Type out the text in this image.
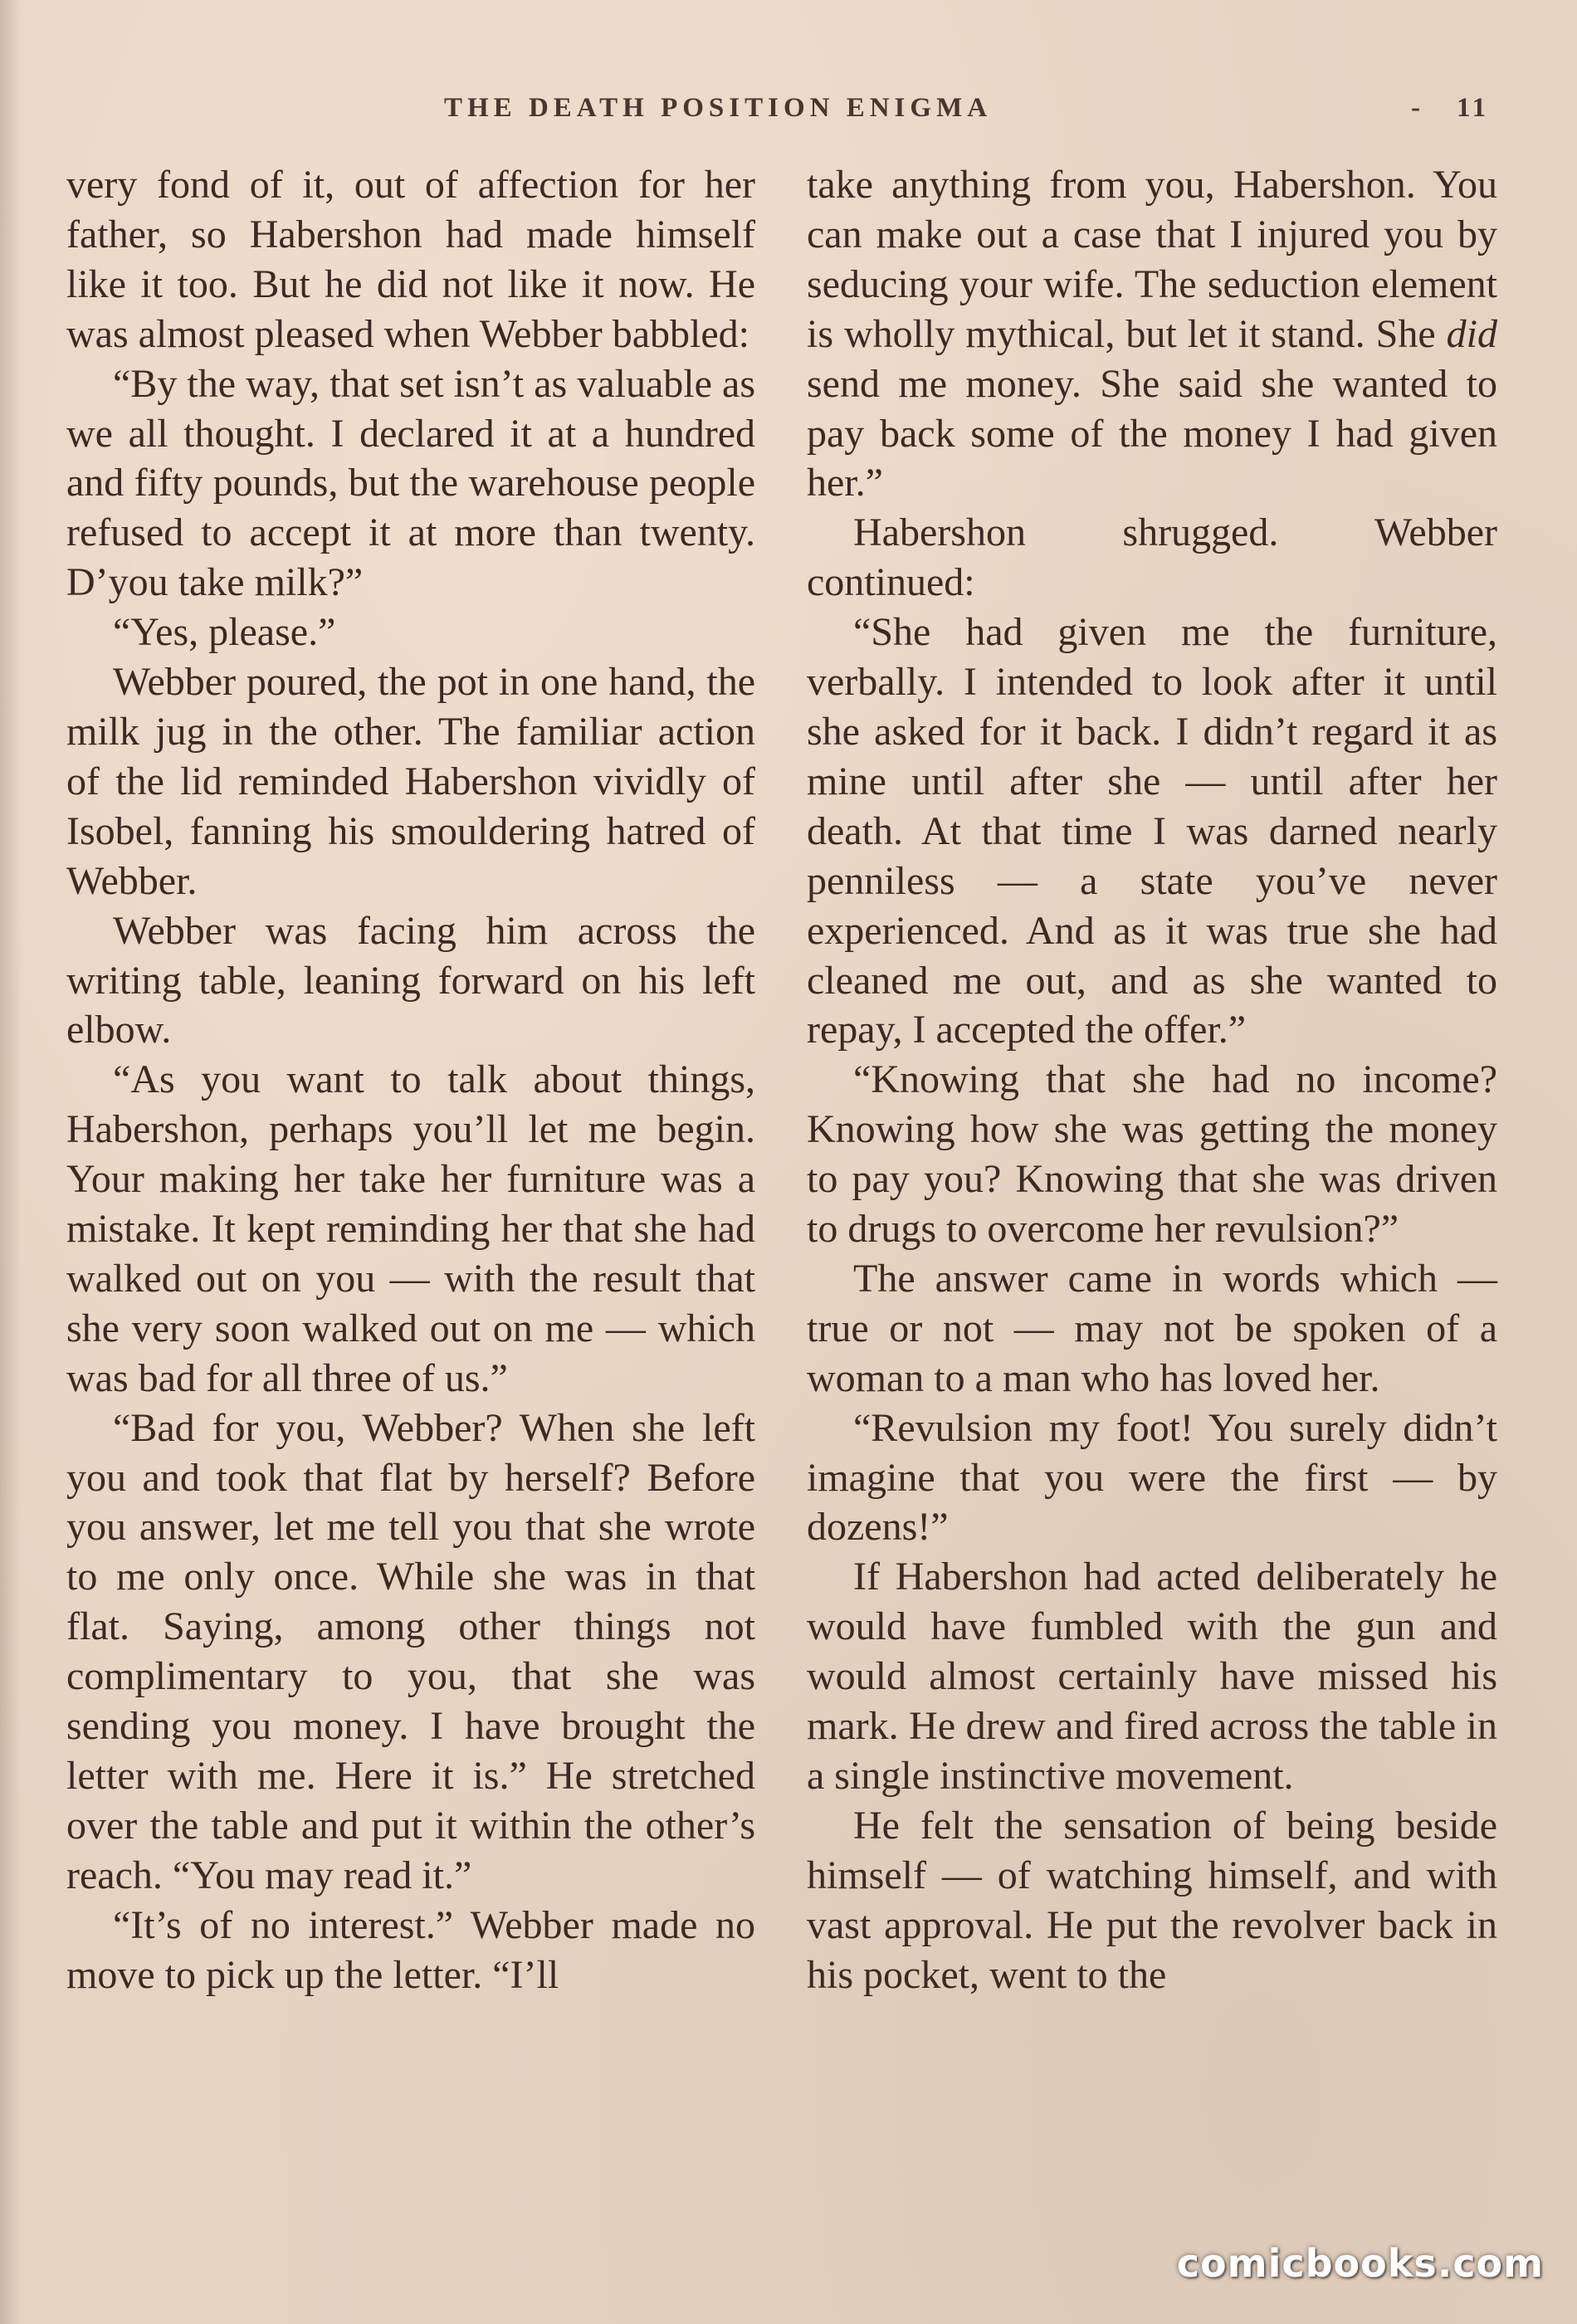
THE DEATH POSITION ENIGMA	- 11

very fond of it, out of affection for her father, so Habershon had made himself like it too. But he did not like it now. He was almost pleased when Webber babbled:

“By the way, that set isn’t as valuable as we all thought. I declared it at a hundred and fifty pounds, but the warehouse people refused to accept it at more than twenty. D’you take milk?”

“Yes, please.”

Webber poured, the pot in one hand, the milk jug in the other. The familiar action of the lid reminded Habershon vividly of Isobel, fanning his smouldering hatred of Webber.

Webber was facing him across the writing table, leaning forward on his left elbow.

“As you want to talk about things, Habershon, perhaps you’ll let me begin. Your making her take her furniture was a mistake. It kept reminding her that she had walked out on you — with the result that she very soon walked out on me — which was bad for all three of us.”

“Bad for you, Webber? When she left you and took that flat by herself? Before you answer, let me tell you that she wrote to me only once. While she was in that flat. Saying, among other things not complimentary to you, that she was sending you money. I have brought the letter with me. Here it is.” He stretched over the table and put it within the other’s reach. “You may read it.”

“It’s of no interest.” Webber made no move to pick up the letter. “I’ll

take anything from you, Habershon. You can make out a case that I injured you by seducing your wife. The seduction element is wholly mythical, but let it stand. She did send me money. She said she wanted to pay back some of the money I had given her.”

Habershon shrugged. Webber continued:

“She had given me the furniture, verbally. I intended to look after it until she asked for it back. I didn’t regard it as mine until after she — until after her death. At that time I was darned nearly penniless — a state you’ve never experienced. And as it was true she had cleaned me out, and as she wanted to repay, I accepted the offer.”

“Knowing that she had no income? Knowing how she was getting the money to pay you? Knowing that she was driven to drugs to overcome her revulsion?”

The answer came in words which — true or not — may not be spoken of a woman to a man who has loved her.

“Revulsion my foot! You surely didn’t imagine that you were the first — by dozens!”

If Habershon had acted deliberately he would have fumbled with the gun and would almost certainly have missed his mark. He drew and fired across the table in a single instinctive movement.

He felt the sensation of being beside himself — of watching himself, and with vast approval. He put the revolver back in his pocket, went to the

comicbooks.com
